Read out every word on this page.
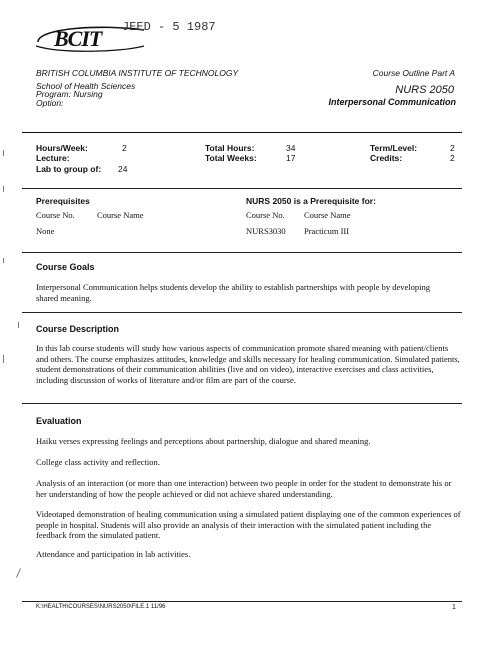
BCIT JEED - 5 1987
BRITISH COLUMBIA INSTITUTE OF TECHNOLOGY
School of Health Sciences
Program: Nursing
Option:
Course Outline Part A
NURS 2050
Interpersonal Communication
Hours/Week:	2
Lecture:
Lab to group of: 24
Total Hours:	34
Total Weeks:	17
Term/Level:	2
Credits:	2
Prerequisites
Course No.	Course Name
None
NURS 2050 is a Prerequisite for:
Course No. Course Name
NURS3030 Practicum III
Course Goals
Interpersonal Communication helps students develop the ability to establish partnerships with people by developing shared meaning.
Course Description
In this lab course students will study how various aspects of communication promote shared meaning with patient/clients and others. The course emphasizes attitudes, knowledge and skills necessary for healing communication. Simulated patients, student demonstrations of their communication abilities (live and on video), interactive exercises and class activities, including discussion of works of literature and/or film are part of the course.
Evaluation
Haiku verses expressing feelings and perceptions about partnership, dialogue and shared meaning.
College class activity and reflection.
Analysis of an interaction (or more than one interaction) between two people in order for the student to demonstrate his or her understanding of how the people achieved or did not achieve shared understanding.
Videotaped demonstration of healing communication using a simulated patient displaying one of the common experiences of people in hospital. Students will also provide an analysis of their interaction with the simulated patient including the feedback from the simulated patient.
Attendance and participation in lab activities.
K:\HEALTH\COURSES\NURS2050\FILE.1 11/96	1
